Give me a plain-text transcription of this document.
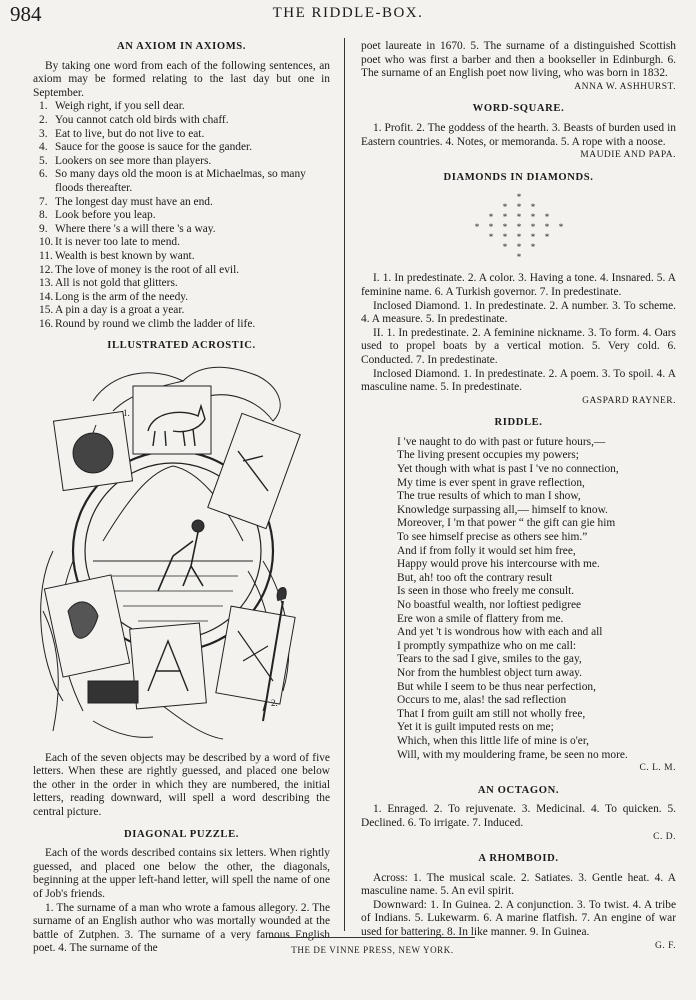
984	THE RIDDLE-BOX.
AN AXIOM IN AXIOMS.

By taking one word from each of the following sentences, an axiom may be formed relating to the last day but one in September.

1. Weigh right, if you sell dear.
2. You cannot catch old birds with chaff.
3. Eat to live, but do not live to eat.
4. Sauce for the goose is sauce for the gander.
5. Lookers on see more than players.
6. So many days old the moon is at Michaelmas, so many floods thereafter.
7. The longest day must have an end.
8. Look before you leap.
9. Where there 's a will there 's a way.
10. It is never too late to mend.
11. Wealth is best known by want.
12. The love of money is the root of all evil.
13. All is not gold that glitters.
14. Long is the arm of the needy.
15. A pin a day is a groat a year.
16. Round by round we climb the ladder of life.
ILLUSTRATED ACROSTIC.
1.
2.

Each of the seven objects may be described by a word of five letters. When these are rightly guessed, and placed one below the other in the order in which they are numbered, the initial letters, reading downward, will spell a word describing the central picture.

DIAGONAL PUZZLE.

Each of the words described contains six letters. When rightly guessed, and placed one below the other, the diagonals, beginning at the upper left-hand letter, will spell the name of one of Job's friends.

1. The surname of a man who wrote a famous allegory. 2. The surname of an English author who was mortally wounded at the battle of Zutphen. 3. The surname of a very famous English poet. 4. The surname of the

poet laureate in 1670. 5. The surname of a distinguished Scottish poet who was first a barber and then a bookseller in Edinburgh. 6. The surname of an English poet now living, who was born in 1832.

ANNA W. ASHHURST.
WORD-SQUARE.

1. Profit. 2. The goddess of the hearth. 3. Beasts of burden used in Eastern countries. 4. Notes, or memoranda. 5. A rope with a noose.

MAUDIE AND PAPA.
DIAMONDS IN DIAMONDS.
*
* * *
* * * * *
* * * * * * *
* * * * *
* * *
*

I. 1. In predestinate. 2. A color. 3. Having a tone. 4. Insnared. 5. A feminine name. 6. A Turkish governor. 7. In predestinate.

Inclosed Diamond. 1. In predestinate. 2. A number. 3. To scheme. 4. A measure. 5. In predestinate.

II. 1. In predestinate. 2. A feminine nickname. 3. To form. 4. Oars used to propel boats by a vertical motion. 5. Very cold. 6. Conducted. 7. In predestinate.

Inclosed Diamond. 1. In predestinate. 2. A poem. 3. To spoil. 4. A masculine name. 5. In predestinate.

GASPARD RAYNER.
RIDDLE.
I 've naught to do with past or future hours,—
The living present occupies my powers;
Yet though with what is past I 've no connection,
My time is ever spent in grave reflection,
The true results of which to man I show,
Knowledge surpassing all,— himself to know.
Moreover, I 'm that power “ the gift can gie him
To see himself precise as others see him.”
And if from folly it would set him free,
Happy would prove his intercourse with me.
But, ah! too oft the contrary result
Is seen in those who freely me consult.
No boastful wealth, nor loftiest pedigree
Ere won a smile of flattery from me.
And yet 't is wondrous how with each and all
I promptly sympathize who on me call:
Tears to the sad I give, smiles to the gay,
Nor from the humblest object turn away.
But while I seem to be thus near perfection,
Occurs to me, alas! the sad reflection
That I from guilt am still not wholly free,
Yet it is guilt imputed rests on me;
Which, when this little life of mine is o'er,
Will, with my mouldering frame, be seen no more.
C. L. M.
AN OCTAGON.

1. Enraged. 2. To rejuvenate. 3. Medicinal. 4. To quicken. 5. Declined. 6. To irrigate. 7. Induced.

C. D.
A RHOMBOID.

Across: 1. The musical scale. 2. Satiates. 3. Gentle heat. 4. A masculine name. 5. An evil spirit.

Downward: 1. In Guinea. 2. A conjunction. 3. To twist. 4. A tribe of Indians. 5. Lukewarm. 6. A marine flatfish. 7. An engine of war used for battering. 8. In like manner. 9. In Guinea.

G. F.
THE DE VINNE PRESS, NEW YORK.
